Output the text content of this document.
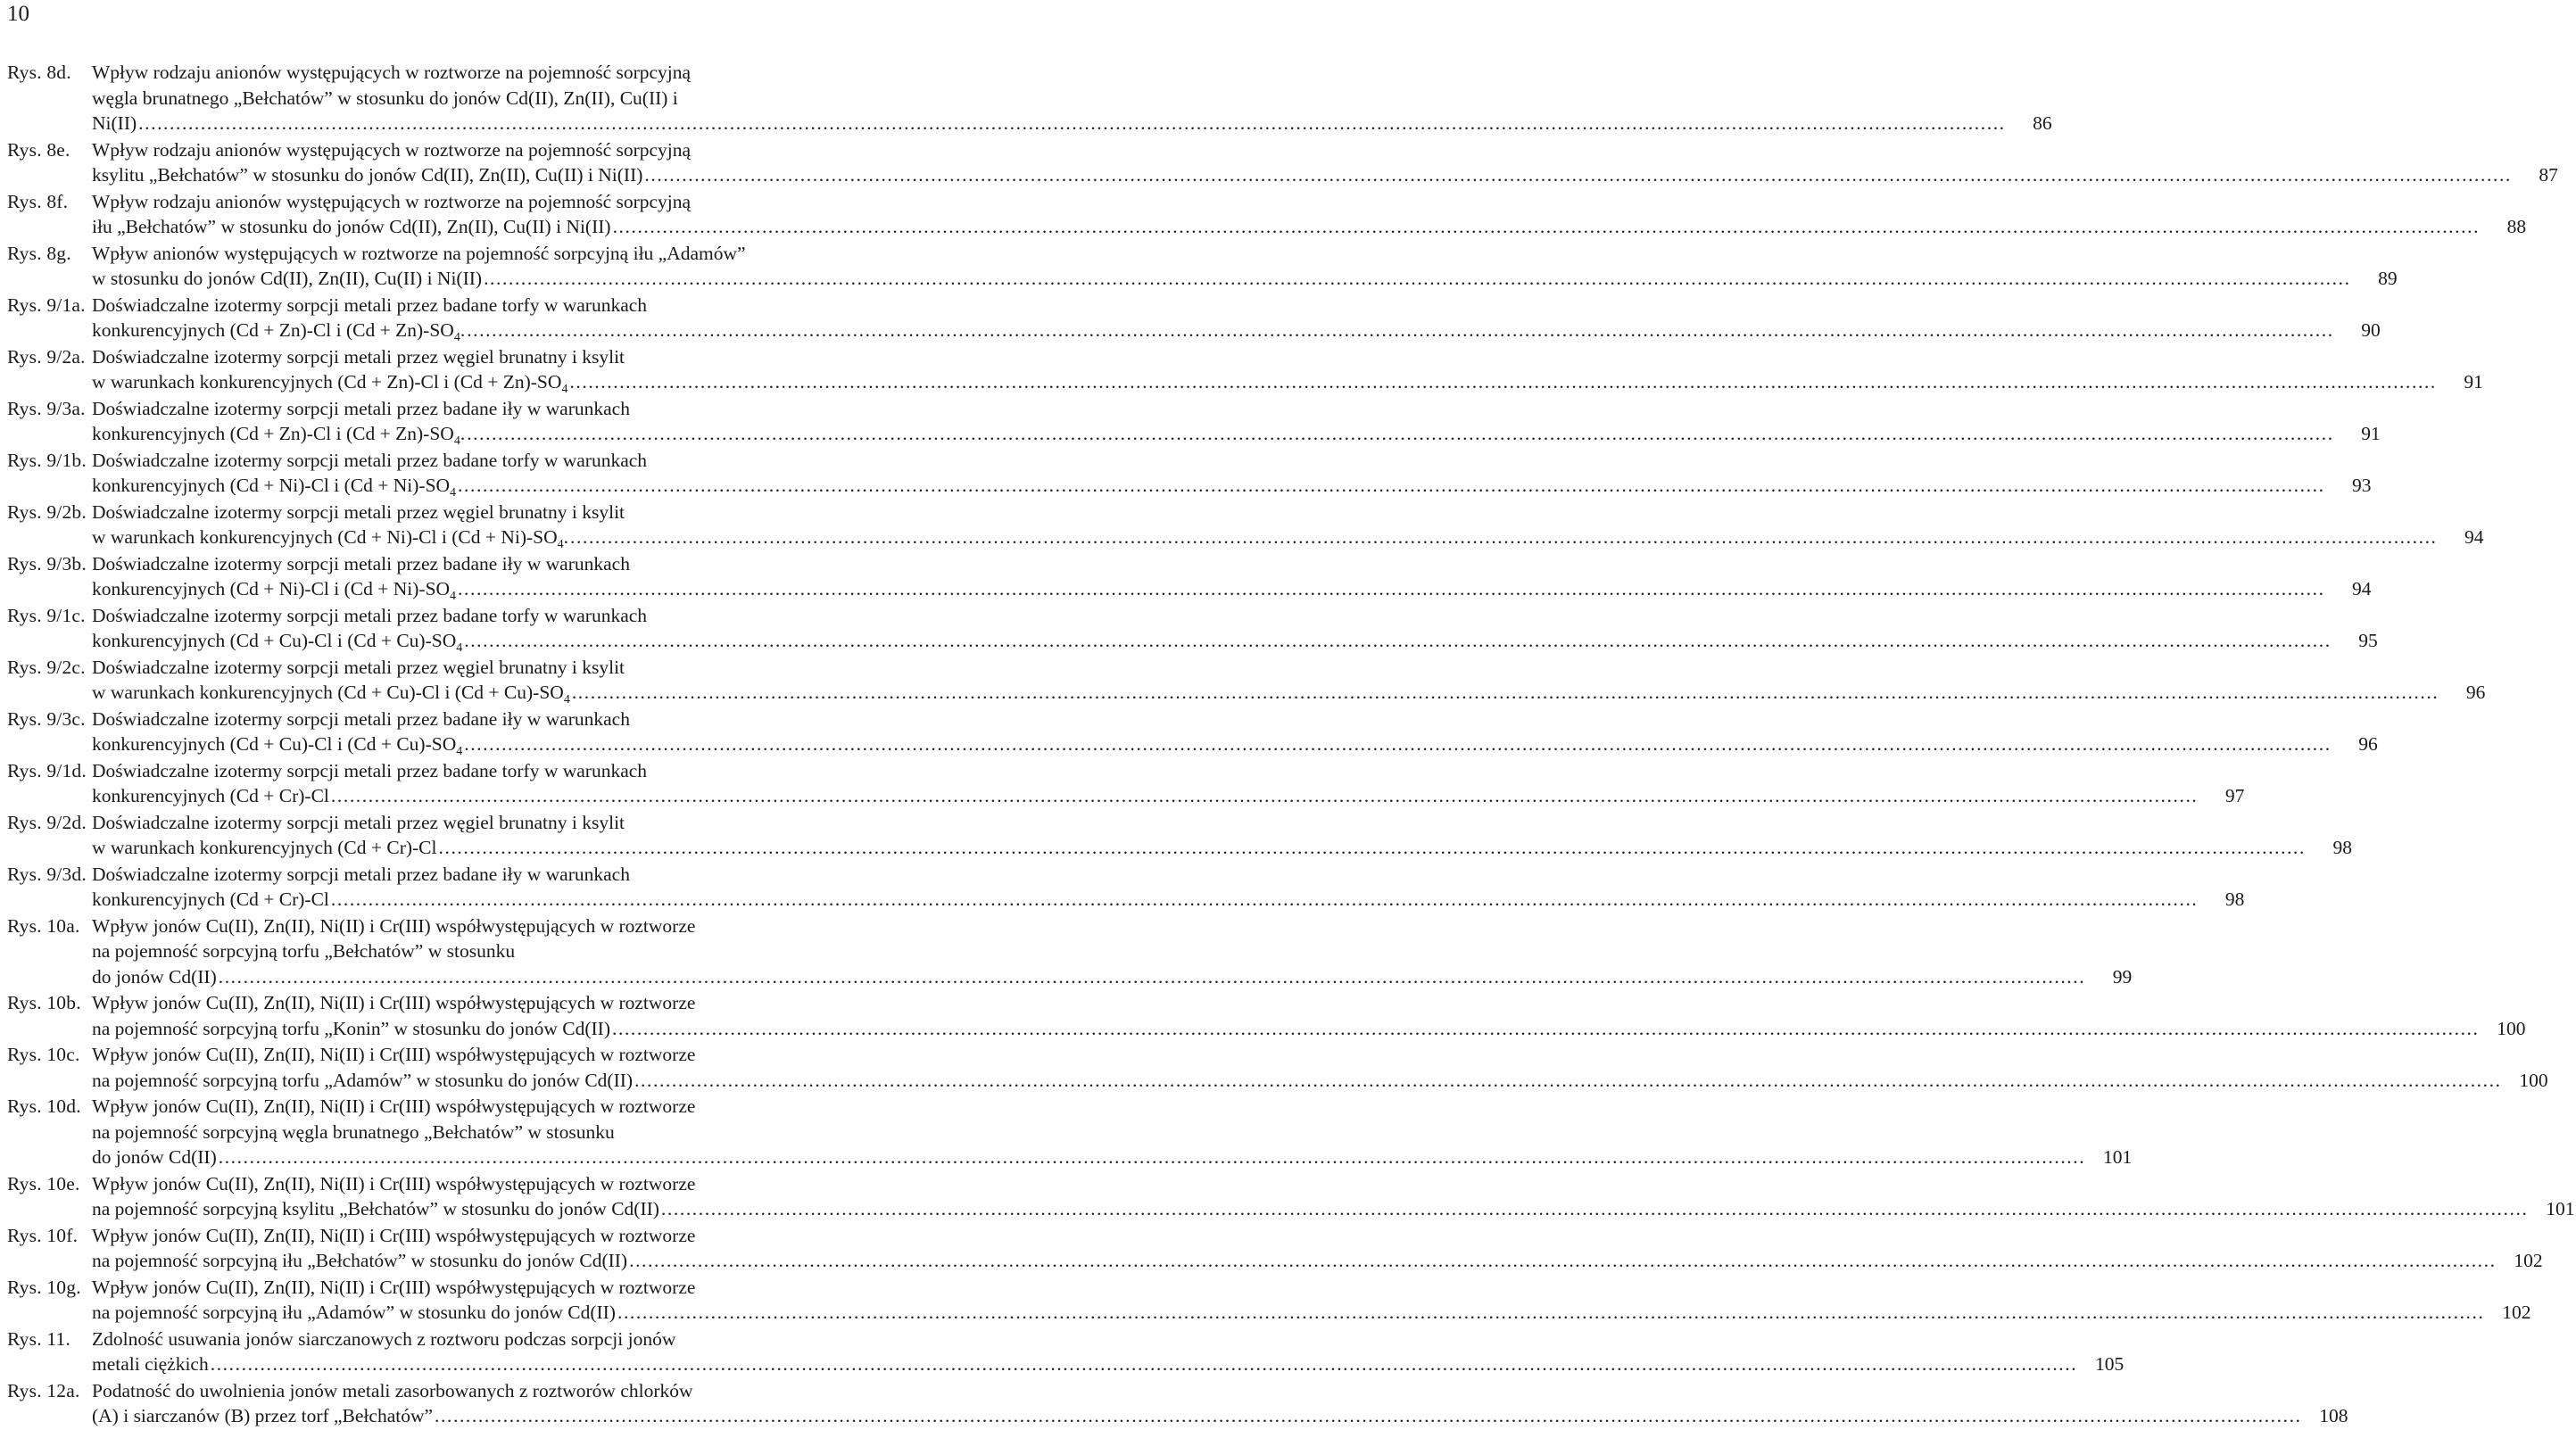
10
Rys. 8d.	Wpływ rodzaju anionów występujących w roztworze na pojemność sorpcyjną
węgla brunatnego „Bełchatów” w stosunku do jonów Cd(II), Zn(II), Cu(II) i
Ni(II) ............................................................................................................................................................................................................................................................................................................	86
Rys. 8e.	Wpływ rodzaju anionów występujących w roztworze na pojemność sorpcyjną
ksylitu „Bełchatów” w stosunku do jonów Cd(II), Zn(II), Cu(II) i Ni(II) ............................................................................................................................................................................................................................................................................................................	87
Rys. 8f.	Wpływ rodzaju anionów występujących w roztworze na pojemność sorpcyjną
iłu „Bełchatów” w stosunku do jonów Cd(II), Zn(II), Cu(II) i Ni(II) ............................................................................................................................................................................................................................................................................................................	88
Rys. 8g.	Wpływ anionów występujących w roztworze na pojemność sorpcyjną iłu „Adamów”
w stosunku do jonów Cd(II), Zn(II), Cu(II) i Ni(II) ............................................................................................................................................................................................................................................................................................................	89
Rys. 9/1a. Doświadczalne izotermy sorpcji metali przez badane torfy w warunkach
konkurencyjnych (Cd + Zn)-Cl i $(Cd + Zn)-SO_4$. ............................................................................................................................................................................................................................................................................................................	90
Rys. 9/2a. Doświadczalne izotermy sorpcji metali przez węgiel brunatny i ksylit
w warunkach konkurencyjnych (Cd + Zn)-Cl i $(Cd + Zn)-SO_4$ ............................................................................................................................................................................................................................................................................................................	91
Rys. 9/3a. Doświadczalne izotermy sorpcji metali przez badane iły w warunkach
konkurencyjnych (Cd + Zn)-Cl i $(Cd + Zn)-SO_4$. ............................................................................................................................................................................................................................................................................................................	91
Rys. 9/1b. Doświadczalne izotermy sorpcji metali przez badane torfy w warunkach
konkurencyjnych (Cd + Ni)-Cl i $(Cd + Ni)-SO_4$ ............................................................................................................................................................................................................................................................................................................	93
Rys. 9/2b. Doświadczalne izotermy sorpcji metali przez węgiel brunatny i ksylit
w warunkach konkurencyjnych (Cd + Ni)-Cl i $(Cd + Ni)-SO_4$. ............................................................................................................................................................................................................................................................................................................	94
Rys. 9/3b. Doświadczalne izotermy sorpcji metali przez badane iły w warunkach
konkurencyjnych (Cd + Ni)-Cl i $(Cd + Ni)-SO_4$ ............................................................................................................................................................................................................................................................................................................	94
Rys. 9/1c. Doświadczalne izotermy sorpcji metali przez badane torfy w warunkach
konkurencyjnych (Cd + Cu)-Cl i $(Cd + Cu)-SO_4$ ............................................................................................................................................................................................................................................................................................................	95
Rys. 9/2c. Doświadczalne izotermy sorpcji metali przez węgiel brunatny i ksylit
w warunkach konkurencyjnych (Cd + Cu)-Cl i $(Cd + Cu)-SO_4$ ............................................................................................................................................................................................................................................................................................................	96
Rys. 9/3c. Doświadczalne izotermy sorpcji metali przez badane iły w warunkach
konkurencyjnych (Cd + Cu)-Cl i $(Cd + Cu)-SO_4$ ............................................................................................................................................................................................................................................................................................................	96
Rys. 9/1d. Doświadczalne izotermy sorpcji metali przez badane torfy w warunkach
konkurencyjnych (Cd + Cr)-Cl ............................................................................................................................................................................................................................................................................................................	97
Rys. 9/2d. Doświadczalne izotermy sorpcji metali przez węgiel brunatny i ksylit
w warunkach konkurencyjnych (Cd + Cr)-Cl ............................................................................................................................................................................................................................................................................................................	98
Rys. 9/3d. Doświadczalne izotermy sorpcji metali przez badane iły w warunkach
konkurencyjnych (Cd + Cr)-Cl ............................................................................................................................................................................................................................................................................................................	98
Rys. 10a. Wpływ jonów Cu(II), Zn(II), Ni(II) i Cr(III) współwystępujących w roztworze
na pojemność sorpcyjną torfu „Bełchatów” w stosunku
do jonów Cd(II) ............................................................................................................................................................................................................................................................................................................	99
Rys. 10b. Wpływ jonów Cu(II), Zn(II), Ni(II) i Cr(III) współwystępujących w roztworze
na pojemność sorpcyjną torfu „Konin” w stosunku do jonów Cd(II) ............................................................................................................................................................................................................................................................................................................ 100
Rys. 10c. Wpływ jonów Cu(II), Zn(II), Ni(II) i Cr(III) współwystępujących w roztworze
na pojemność sorpcyjną torfu „Adamów” w stosunku do jonów Cd(II) ............................................................................................................................................................................................................................................................................................................ 100
Rys. 10d. Wpływ jonów Cu(II), Zn(II), Ni(II) i Cr(III) współwystępujących w roztworze
na pojemność sorpcyjną węgla brunatnego „Bełchatów” w stosunku
do jonów Cd(II) ............................................................................................................................................................................................................................................................................................................ 101
Rys. 10e. Wpływ jonów Cu(II), Zn(II), Ni(II) i Cr(III) współwystępujących w roztworze
na pojemność sorpcyjną ksylitu „Bełchatów” w stosunku do jonów Cd(II) ............................................................................................................................................................................................................................................................................................................ 101
Rys. 10f. Wpływ jonów Cu(II), Zn(II), Ni(II) i Cr(III) współwystępujących w roztworze
na pojemność sorpcyjną iłu „Bełchatów” w stosunku do jonów Cd(II) ............................................................................................................................................................................................................................................................................................................ 102
Rys. 10g. Wpływ jonów Cu(II), Zn(II), Ni(II) i Cr(III) współwystępujących w roztworze
na pojemność sorpcyjną iłu „Adamów” w stosunku do jonów Cd(II) ............................................................................................................................................................................................................................................................................................................ 102
Rys. 11.	Zdolność usuwania jonów siarczanowych z roztworu podczas sorpcji jonów
metali ciężkich ............................................................................................................................................................................................................................................................................................................ 105
Rys. 12a. Podatność do uwolnienia jonów metali zasorbowanych z roztworów chlorków
(A) i siarczanów (B) przez torf „Bełchatów” ............................................................................................................................................................................................................................................................................................................ 108
